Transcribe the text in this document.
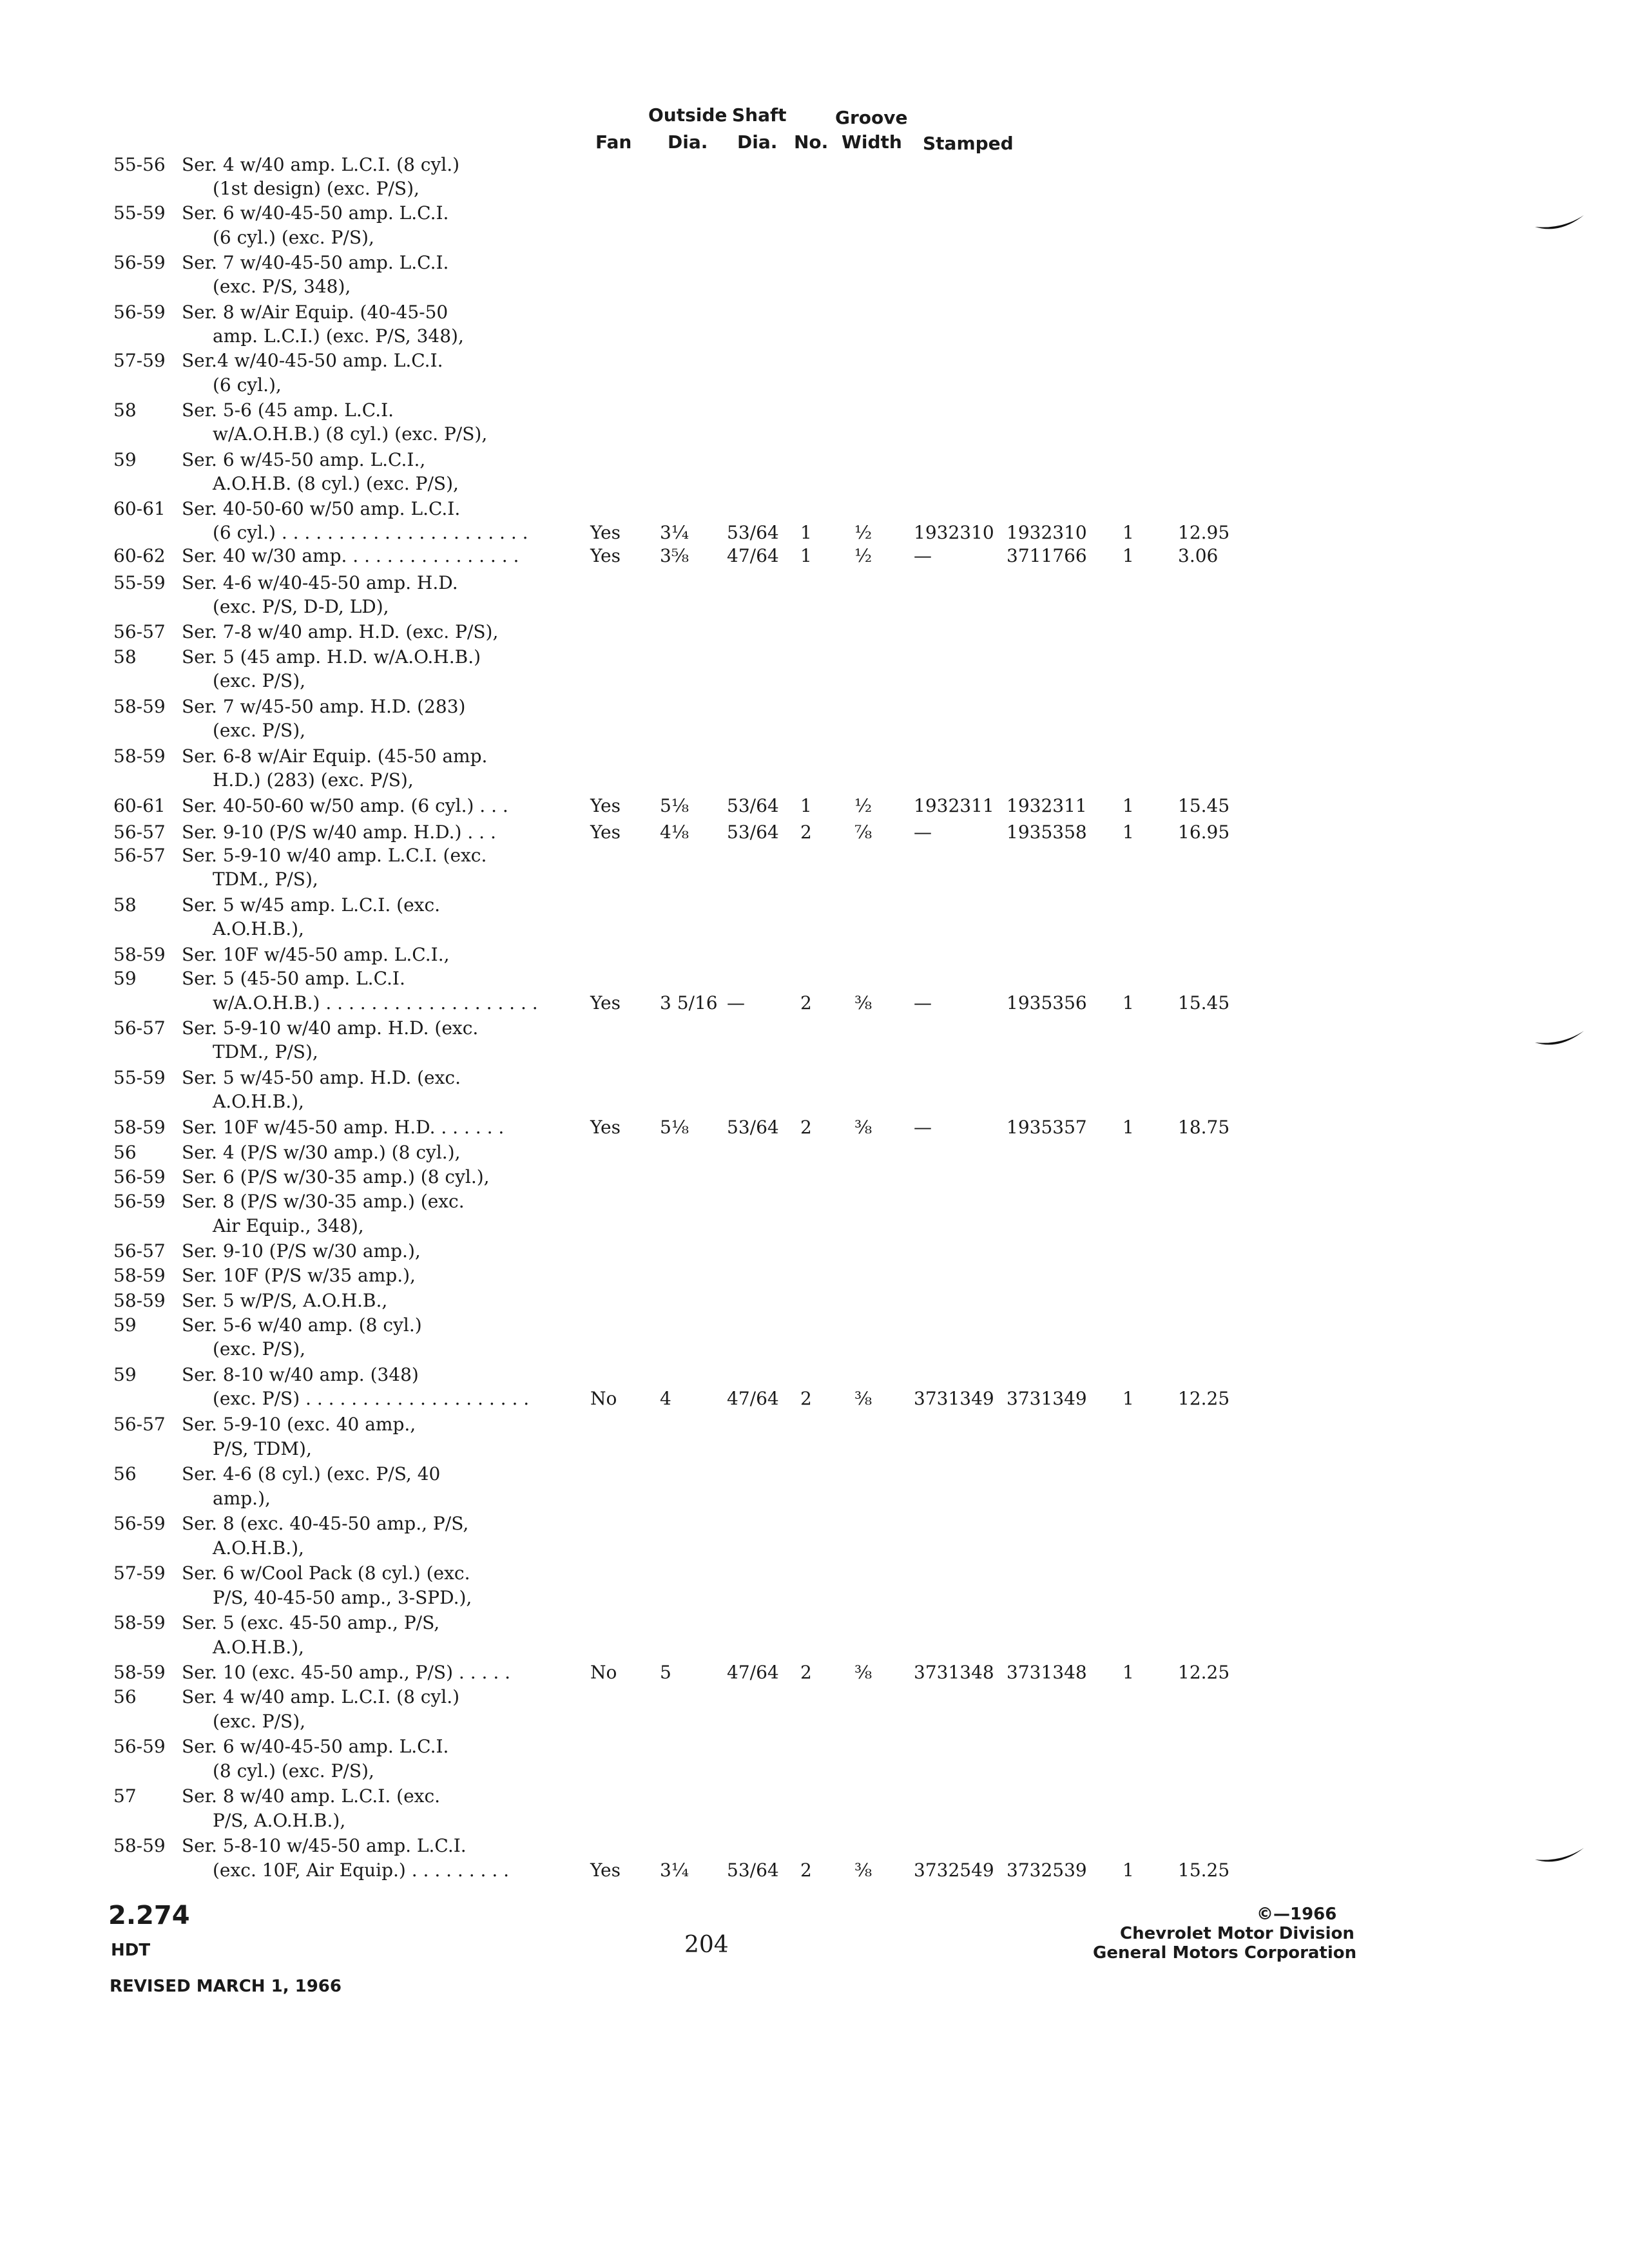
Outside Shaft	Groove
Fan Dia. Dia. No. Width Stamped
55-56 Ser. 4 w/40 amp. L.C.I. (8 cyl.)
(1st design) (exc. P/S),
55-59 Ser. 6 w/40-45-50 amp. L.C.I.
(6 cyl.) (exc. P/S),
56-59 Ser. 7 w/40-45-50 amp. L.C.I.
(exc. P/S, 348),
56-59 Ser. 8 w/Air Equip. (40-45-50
amp. L.C.I.) (exc. P/S, 348),
57-59 Ser.4 w/40-45-50 amp. L.C.I.
(6 cyl.),
58	Ser. 5-6 (45 amp. L.C.I.
w/A.O.H.B.) (8 cyl.) (exc. P/S),
59	Ser. 6 w/45-50 amp. L.C.I.,
A.O.H.B. (8 cyl.) (exc. P/S),
60-61 Ser. 40-50-60 w/50 amp. L.C.I.
(6 cyl.) . . . . . . . . . . . . . . . . . . . . . .	Yes 3¼ 53/64 1 ½ 1932310 1932310 1 12.95
60-62 Ser. 40 w/30 amp. . . . . . . . . . . . . . . .	Yes 3⅝ 47/64 1 ½ —	3711766 1 3.06
55-59 Ser. 4-6 w/40-45-50 amp. H.D.
(exc. P/S, D-D, LD),
56-57 Ser. 7-8 w/40 amp. H.D. (exc. P/S),
58	Ser. 5 (45 amp. H.D. w/A.O.H.B.)
(exc. P/S),
58-59 Ser. 7 w/45-50 amp. H.D. (283)
(exc. P/S),
58-59 Ser. 6-8 w/Air Equip. (45-50 amp.
H.D.) (283) (exc. P/S),
60-61 Ser. 40-50-60 w/50 amp. (6 cyl.) . . .	Yes 5⅛ 53/64 1 ½ 1932311 1932311 1 15.45
56-57 Ser. 9-10 (P/S w/40 amp. H.D.) . . .	Yes 4⅛ 53/64 2 ⅞ —	1935358 1 16.95
56-57 Ser. 5-9-10 w/40 amp. L.C.I. (exc.
TDM., P/S),
58	Ser. 5 w/45 amp. L.C.I. (exc.
A.O.H.B.),
58-59 Ser. 10F w/45-50 amp. L.C.I.,
59	Ser. 5 (45-50 amp. L.C.I.
w/A.O.H.B.) . . . . . . . . . . . . . . . . . . .	Yes 3 5/16 —	2 ⅜ —	1935356 1 15.45
56-57 Ser. 5-9-10 w/40 amp. H.D. (exc.
TDM., P/S),
55-59 Ser. 5 w/45-50 amp. H.D. (exc.
A.O.H.B.),
58-59 Ser. 10F w/45-50 amp. H.D. . . . . . .	Yes 5⅛ 53/64 2 ⅜ —	1935357 1 18.75
56	Ser. 4 (P/S w/30 amp.) (8 cyl.),
56-59 Ser. 6 (P/S w/30-35 amp.) (8 cyl.),
56-59 Ser. 8 (P/S w/30-35 amp.) (exc.
Air Equip., 348),
56-57 Ser. 9-10 (P/S w/30 amp.),
58-59 Ser. 10F (P/S w/35 amp.),
58-59 Ser. 5 w/P/S, A.O.H.B.,
59	Ser. 5-6 w/40 amp. (8 cyl.)
(exc. P/S),
59	Ser. 8-10 w/40 amp. (348)
(exc. P/S) . . . . . . . . . . . . . . . . . . . .	No 4	47/64 2 ⅜ 3731349 3731349 1 12.25
56-57 Ser. 5-9-10 (exc. 40 amp.,
P/S, TDM),
56	Ser. 4-6 (8 cyl.) (exc. P/S, 40
amp.),
56-59 Ser. 8 (exc. 40-45-50 amp., P/S,
A.O.H.B.),
57-59 Ser. 6 w/Cool Pack (8 cyl.) (exc.
P/S, 40-45-50 amp., 3-SPD.),
58-59 Ser. 5 (exc. 45-50 amp., P/S,
A.O.H.B.),
58-59 Ser. 10 (exc. 45-50 amp., P/S) . . . . .	No 5	47/64 2 ⅜ 3731348 3731348 1 12.25
56	Ser. 4 w/40 amp. L.C.I. (8 cyl.)
(exc. P/S),
56-59 Ser. 6 w/40-45-50 amp. L.C.I.
(8 cyl.) (exc. P/S),
57	Ser. 8 w/40 amp. L.C.I. (exc.
P/S, A.O.H.B.),
58-59 Ser. 5-8-10 w/45-50 amp. L.C.I.
(exc. 10F, Air Equip.) . . . . . . . . .	Yes 3¼ 53/64 2 ⅜ 3732549 3732539 1 15.25
2.274
HDT
REVISED MARCH 1, 1966
204
©—1966
Chevrolet Motor Division
General Motors Corporation
